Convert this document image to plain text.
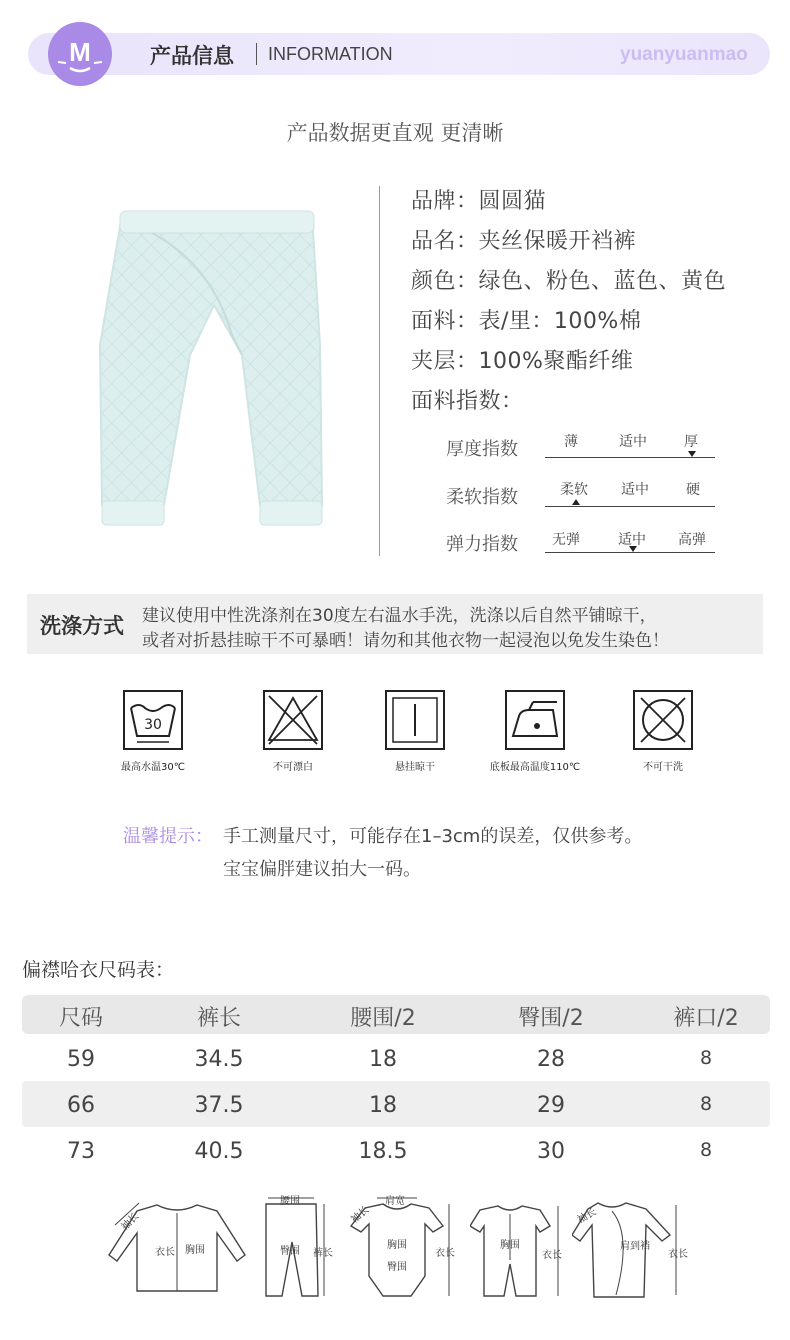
M	产品信息 INFORMATION	yuanyuanmao
产品数据更直观 更清晰
品牌：圆圆猫
品名：夹丝保暖开裆裤
颜色：绿色、粉色、蓝色、黄色
面料：表/里：100%棉
夹层：100%聚酯纤维
面料指数：
厚度指数	薄	适中	厚
柔软指数	柔软 适中	硬
弹力指数 无弹	适中 高弹
洗涤方式 建议使用中性洗涤剂在30度左右温水手洗，洗涤以后自然平铺晾干，
或者对折悬挂晾干不可暴晒！请勿和其他衣物一起浸泡以免发生染色！
30
最高水温30℃	不可漂白	悬挂晾干	底板最高温度110℃	不可干洗
温馨提示： 手工测量尺寸，可能存在1–3cm的误差，仅供参考。
宝宝偏胖建议拍大一码。
偏襟哈衣尺码表：
尺码	裤长	腰围/2	臀围/2	裤口/2
59	34.5	18	28	8
66	37.5	18	29	8
73	40.5	18.5	30	8
袖长
衣长 胸围
腰围
臀围 裤长
肩宽
袖长
胸围
臀围
衣长
胸围
衣长
袖长
肩到裆
衣长
